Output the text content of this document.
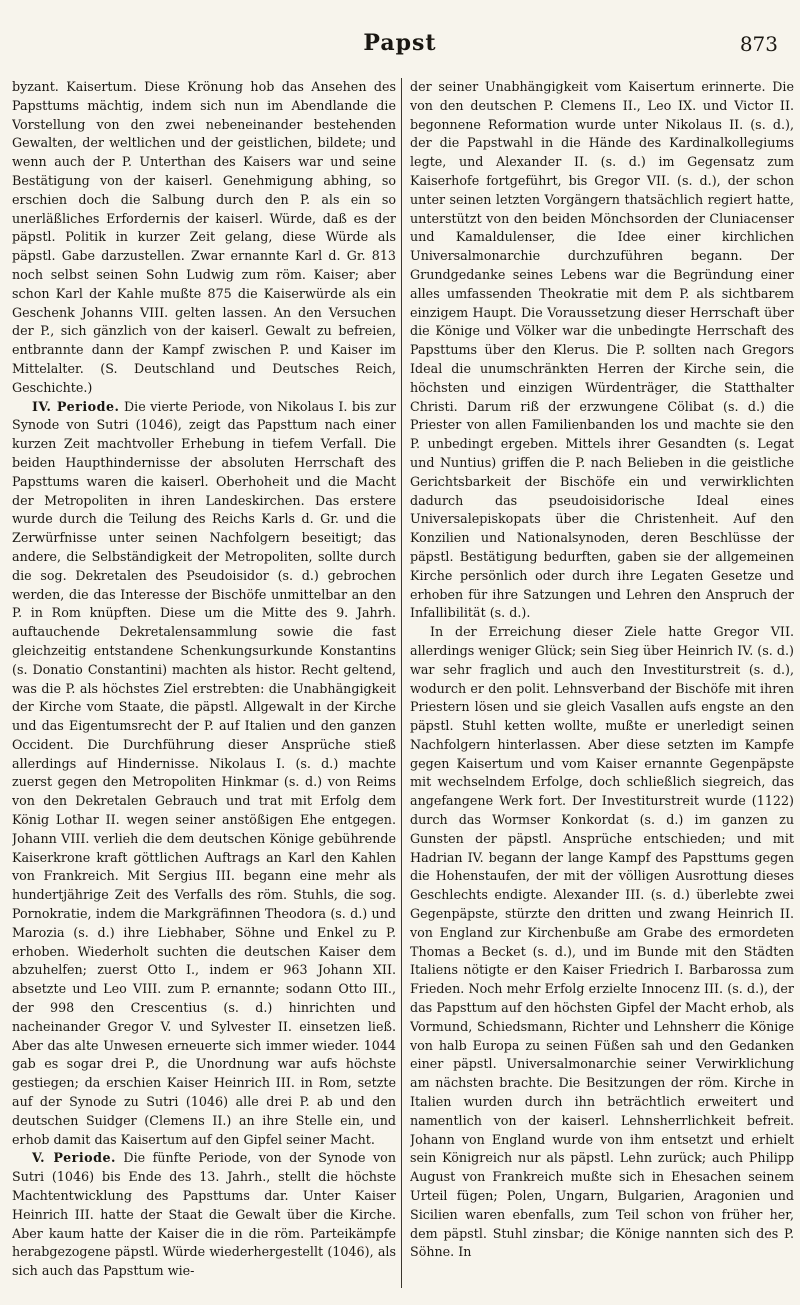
Papst	873

byzant. Kaisertum. Diese Krönung hob das Ansehen des Papsttums mächtig, indem sich nun im Abendlande die Vorstellung von den zwei nebeneinander bestehenden Gewalten, der weltlichen und der geistlichen, bildete; und wenn auch der P. Unterthan des Kaisers war und seine Bestätigung von der kaiserl. Genehmigung abhing, so erschien doch die Salbung durch den P. als ein so unerläßliches Erfordernis der kaiserl. Würde, daß es der päpstl. Politik in kurzer Zeit gelang, diese Würde als päpstl. Gabe darzustellen. Zwar ernannte Karl d. Gr. 813 noch selbst seinen Sohn Ludwig zum röm. Kaiser; aber schon Karl der Kahle mußte 875 die Kaiserwürde als ein Geschenk Johanns VIII. gelten lassen. An den Versuchen der P., sich gänzlich von der kaiserl. Gewalt zu befreien, entbrannte dann der Kampf zwischen P. und Kaiser im Mittelalter. (S. Deutschland und Deutsches Reich, Geschichte.)

IV. Periode. Die vierte Periode, von Nikolaus I. bis zur Synode von Sutri (1046), zeigt das Papsttum nach einer kurzen Zeit machtvoller Erhebung in tiefem Verfall. Die beiden Haupthindernisse der absoluten Herrschaft des Papsttums waren die kaiserl. Oberhoheit und die Macht der Metropoliten in ihren Landeskirchen. Das erstere wurde durch die Teilung des Reichs Karls d. Gr. und die Zerwürfnisse unter seinen Nachfolgern beseitigt; das andere, die Selbständigkeit der Metropoliten, sollte durch die sog. Dekretalen des Pseudoisidor (s. d.) gebrochen werden, die das Interesse der Bischöfe unmittelbar an den P. in Rom knüpften. Diese um die Mitte des 9. Jahrh. auftauchende Dekretalensammlung sowie die fast gleichzeitig entstandene Schenkungsurkunde Konstantins (s. Donatio Constantini) machten als histor. Recht geltend, was die P. als höchstes Ziel erstrebten: die Unabhängigkeit der Kirche vom Staate, die päpstl. Allgewalt in der Kirche und das Eigentumsrecht der P. auf Italien und den ganzen Occident. Die Durchführung dieser Ansprüche stieß allerdings auf Hindernisse. Nikolaus I. (s. d.) machte zuerst gegen den Metropoliten Hinkmar (s. d.) von Reims von den Dekretalen Gebrauch und trat mit Erfolg dem König Lothar II. wegen seiner anstößigen Ehe entgegen. Johann VIII. verlieh die dem deutschen Könige gebührende Kaiserkrone kraft göttlichen Auftrags an Karl den Kahlen von Frankreich. Mit Sergius III. begann eine mehr als hundertjährige Zeit des Verfalls des röm. Stuhls, die sog. Pornokratie, indem die Markgräfinnen Theodora (s. d.) und Marozia (s. d.) ihre Liebhaber, Söhne und Enkel zu P. erhoben. Wiederholt suchten die deutschen Kaiser dem abzuhelfen; zuerst Otto I., indem er 963 Johann XII. absetzte und Leo VIII. zum P. ernannte; sodann Otto III., der 998 den Crescentius (s. d.) hinrichten und nacheinander Gregor V. und Sylvester II. einsetzen ließ. Aber das alte Unwesen erneuerte sich immer wieder. 1044 gab es sogar drei P., die Unordnung war aufs höchste gestiegen; da erschien Kaiser Heinrich III. in Rom, setzte auf der Synode zu Sutri (1046) alle drei P. ab und den deutschen Suidger (Clemens II.) an ihre Stelle ein, und erhob damit das Kaisertum auf den Gipfel seiner Macht.

V. Periode. Die fünfte Periode, von der Synode von Sutri (1046) bis Ende des 13. Jahrh., stellt die höchste Machtentwicklung des Papsttums dar. Unter Kaiser Heinrich III. hatte der Staat die Gewalt über die Kirche. Aber kaum hatte der Kaiser die in die röm. Parteikämpfe herabgezogene päpstl. Würde wiederhergestellt (1046), als sich auch das Papsttum wie-

der seiner Unabhängigkeit vom Kaisertum erinnerte. Die von den deutschen P. Clemens II., Leo IX. und Victor II. begonnene Reformation wurde unter Nikolaus II. (s. d.), der die Papstwahl in die Hände des Kardinalkollegiums legte, und Alexander II. (s. d.) im Gegensatz zum Kaiserhofe fortgeführt, bis Gregor VII. (s. d.), der schon unter seinen letzten Vorgängern thatsächlich regiert hatte, unterstützt von den beiden Mönchsorden der Cluniacenser und Kamaldulenser, die Idee einer kirchlichen Universalmonarchie durchzuführen begann. Der Grundgedanke seines Lebens war die Begründung einer alles umfassenden Theokratie mit dem P. als sichtbarem einzigem Haupt. Die Voraussetzung dieser Herrschaft über die Könige und Völker war die unbedingte Herrschaft des Papsttums über den Klerus. Die P. sollten nach Gregors Ideal die unumschränkten Herren der Kirche sein, die höchsten und einzigen Würdenträger, die Statthalter Christi. Darum riß der erzwungene Cölibat (s. d.) die Priester von allen Familienbanden los und machte sie den P. unbedingt ergeben. Mittels ihrer Gesandten (s. Legat und Nuntius) griffen die P. nach Belieben in die geistliche Gerichtsbarkeit der Bischöfe ein und verwirklichten dadurch das pseudoisidorische Ideal eines Universalepiskopats über die Christenheit. Auf den Konzilien und Nationalsynoden, deren Beschlüsse der päpstl. Bestätigung bedurften, gaben sie der allgemeinen Kirche persönlich oder durch ihre Legaten Gesetze und erhoben für ihre Satzungen und Lehren den Anspruch der Infallibilität (s. d.).

In der Erreichung dieser Ziele hatte Gregor VII. allerdings weniger Glück; sein Sieg über Heinrich IV. (s. d.) war sehr fraglich und auch den Investiturstreit (s. d.), wodurch er den polit. Lehnsverband der Bischöfe mit ihren Priestern lösen und sie gleich Vasallen aufs engste an den päpstl. Stuhl ketten wollte, mußte er unerledigt seinen Nachfolgern hinterlassen. Aber diese setzten im Kampfe gegen Kaisertum und vom Kaiser ernannte Gegenpäpste mit wechselndem Erfolge, doch schließlich siegreich, das angefangene Werk fort. Der Investiturstreit wurde (1122) durch das Wormser Konkordat (s. d.) im ganzen zu Gunsten der päpstl. Ansprüche entschieden; und mit Hadrian IV. begann der lange Kampf des Papsttums gegen die Hohenstaufen, der mit der völligen Ausrottung dieses Geschlechts endigte. Alexander III. (s. d.) überlebte zwei Gegenpäpste, stürzte den dritten und zwang Heinrich II. von England zur Kirchenbuße am Grabe des ermordeten Thomas a Becket (s. d.), und im Bunde mit den Städten Italiens nötigte er den Kaiser Friedrich I. Barbarossa zum Frieden. Noch mehr Erfolg erzielte Innocenz III. (s. d.), der das Papsttum auf den höchsten Gipfel der Macht erhob, als Vormund, Schiedsmann, Richter und Lehnsherr die Könige von halb Europa zu seinen Füßen sah und den Gedanken einer päpstl. Universalmonarchie seiner Verwirklichung am nächsten brachte. Die Besitzungen der röm. Kirche in Italien wurden durch ihn beträchtlich erweitert und namentlich von der kaiserl. Lehnsherrlichkeit befreit. Johann von England wurde von ihm entsetzt und erhielt sein Königreich nur als päpstl. Lehn zurück; auch Philipp August von Frankreich mußte sich in Ehesachen seinem Urteil fügen; Polen, Ungarn, Bulgarien, Aragonien und Sicilien waren ebenfalls, zum Teil schon von früher her, dem päpstl. Stuhl zinsbar; die Könige nannten sich des P. Söhne. In
